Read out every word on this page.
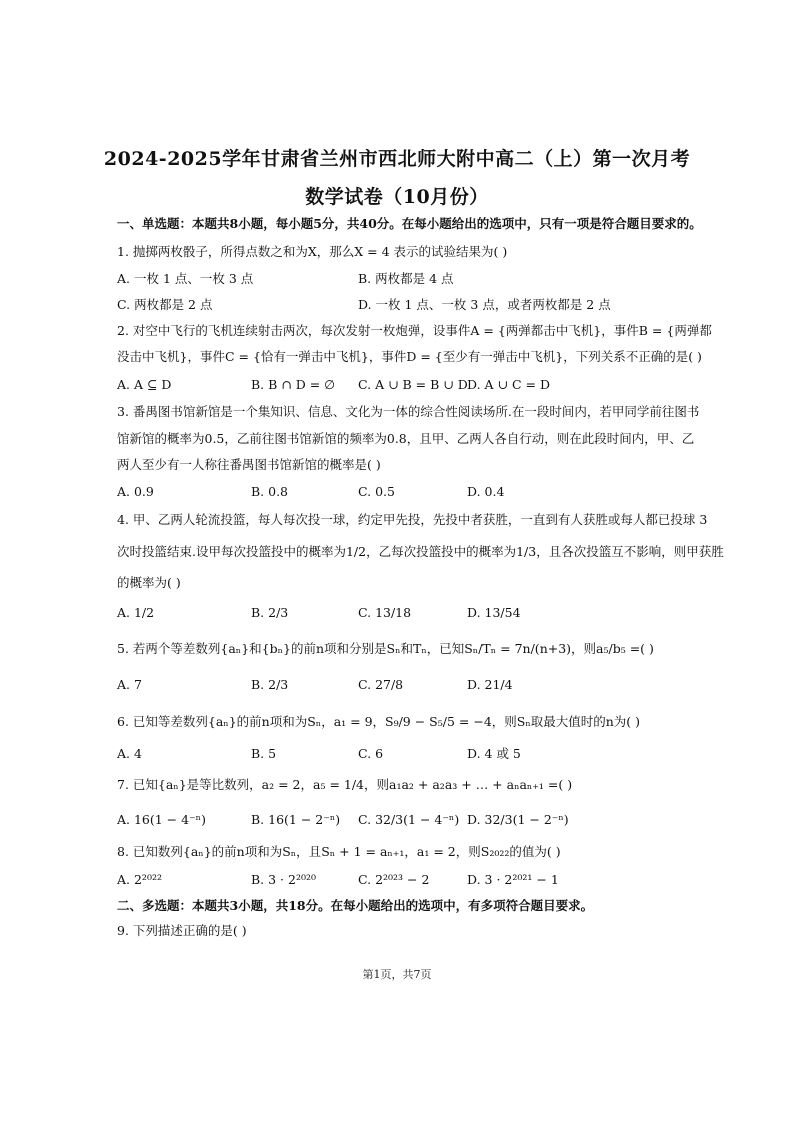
2024-2025学年甘肃省兰州市西北师大附中高二（上）第一次月考
数学试卷（10月份）
一、单选题：本题共8小题，每小题5分，共40分。在每小题给出的选项中，只有一项是符合题目要求的。
1. 抛掷两枚骰子，所得点数之和为X，那么X = 4 表示的试验结果为( )
A. 一枚 1 点、一枚 3 点	B. 两枚都是 4 点
C. 两枚都是 2 点	D. 一枚 1 点、一枚 3 点，或者两枚都是 2 点
2. 对空中飞行的飞机连续射击两次，每次发射一枚炮弹，设事件A = {两弹都击中飞机}，事件B = {两弹都
没击中飞机}，事件C = {恰有一弹击中飞机}，事件D = {至少有一弹击中飞机}，下列关系不正确的是( )
A. A ⊆ D	B. B ∩ D = ∅ C. A ∪ B = B ∪ D D. A ∪ C = D
3. 番禺图书馆新馆是一个集知识、信息、文化为一体的综合性阅读场所.在一段时间内，若甲同学前往图书
馆新馆的概率为0.5，乙前往图书馆新馆的频率为0.8，且甲、乙两人各自行动，则在此段时间内，甲、乙
两人至少有一人称往番禺图书馆新馆的概率是( )
A. 0.9	B. 0.8	C. 0.5	D. 0.4
4. 甲、乙两人轮流投篮，每人每次投一球，约定甲先投，先投中者获胜，一直到有人获胜或每人都已投球 3
次时投篮结束.设甲每次投篮投中的概率为1/2，乙每次投篮投中的概率为1/3，且各次投篮互不影响，则甲获胜
的概率为( )
A. 1/2	B. 2/3	C. 13/18	D. 13/54
5. 若两个等差数列{aₙ}和{bₙ}的前n项和分别是Sₙ和Tₙ，已知Sₙ/Tₙ = 7n/(n+3)，则a₅/b₅ =( )
A. 7	B. 2/3	C. 27/8	D. 21/4
6. 已知等差数列{aₙ}的前n项和为Sₙ，a₁ = 9，S₉/9 − S₅/5 = −4，则Sₙ取最大值时的n为( )
A. 4	B. 5	C. 6	D. 4 或 5
7. 已知{aₙ}是等比数列，a₂ = 2，a₅ = 1/4，则a₁a₂ + a₂a₃ + … + aₙaₙ₊₁ =( )
A. 16(1 − 4⁻ⁿ)	B. 16(1 − 2⁻ⁿ) C. 32/3(1 − 4⁻ⁿ) D. 32/3(1 − 2⁻ⁿ)
8. 已知数列{aₙ}的前n项和为Sₙ，且Sₙ + 1 = aₙ₊₁，a₁ = 2，则S₂₀₂₂的值为( )
A. 2²⁰²²	B. 3 · 2²⁰²⁰	C. 2²⁰²³ − 2	D. 3 · 2²⁰²¹ − 1
二、多选题：本题共3小题，共18分。在每小题给出的选项中，有多项符合题目要求。
9. 下列描述正确的是( )
第1页，共7页
